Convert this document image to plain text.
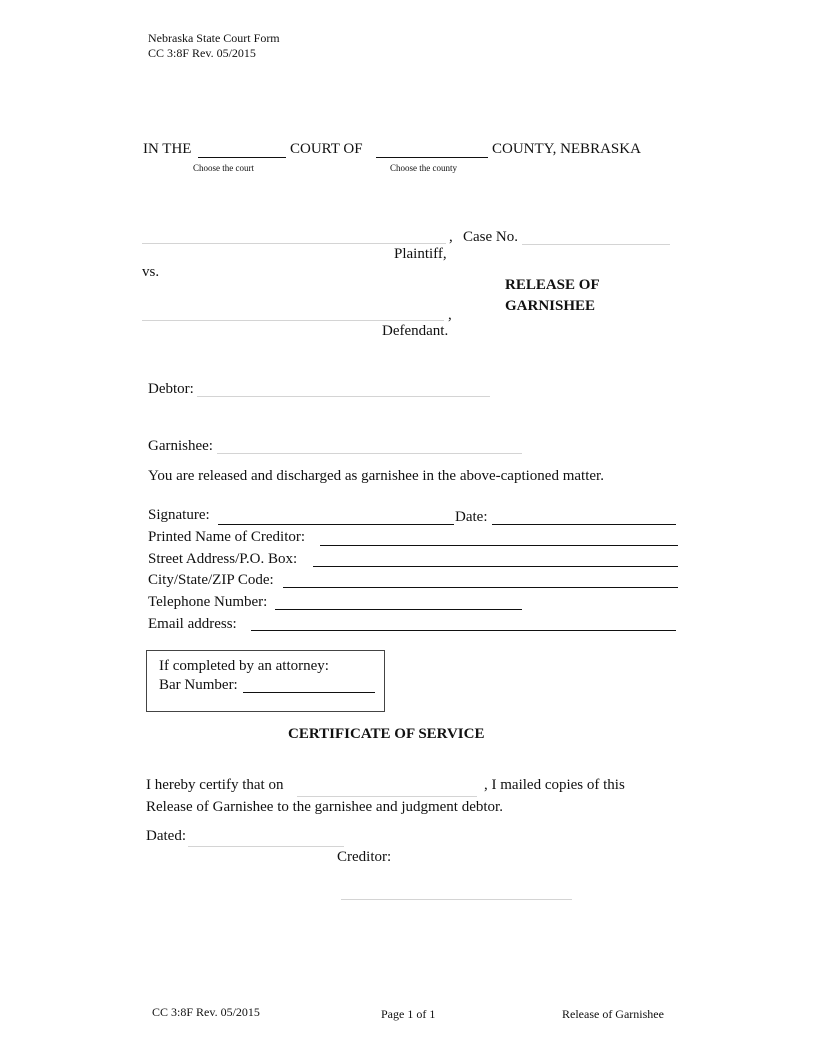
Nebraska State Court Form
CC 3:8F Rev. 05/2015
IN THE	COURT OF	COUNTY, NEBRASKA
Choose the court	Choose the county
, Case No.
Plaintiff,
vs.
RELEASE OF
GARNISHEE
,
Defendant.
Debtor:
Garnishee:
You are released and discharged as garnishee in the above-captioned matter.
Signature:	Date:
Printed Name of Creditor:
Street Address/P.O. Box:
City/State/ZIP Code:
Telephone Number:
Email address:
If completed by an attorney:
Bar Number:
CERTIFICATE OF SERVICE
I hereby certify that on	, I mailed copies of this
Release of Garnishee to the garnishee and judgment debtor.
Dated:
Creditor:
CC 3:8F Rev. 05/2015	Page 1 of 1	Release of Garnishee
